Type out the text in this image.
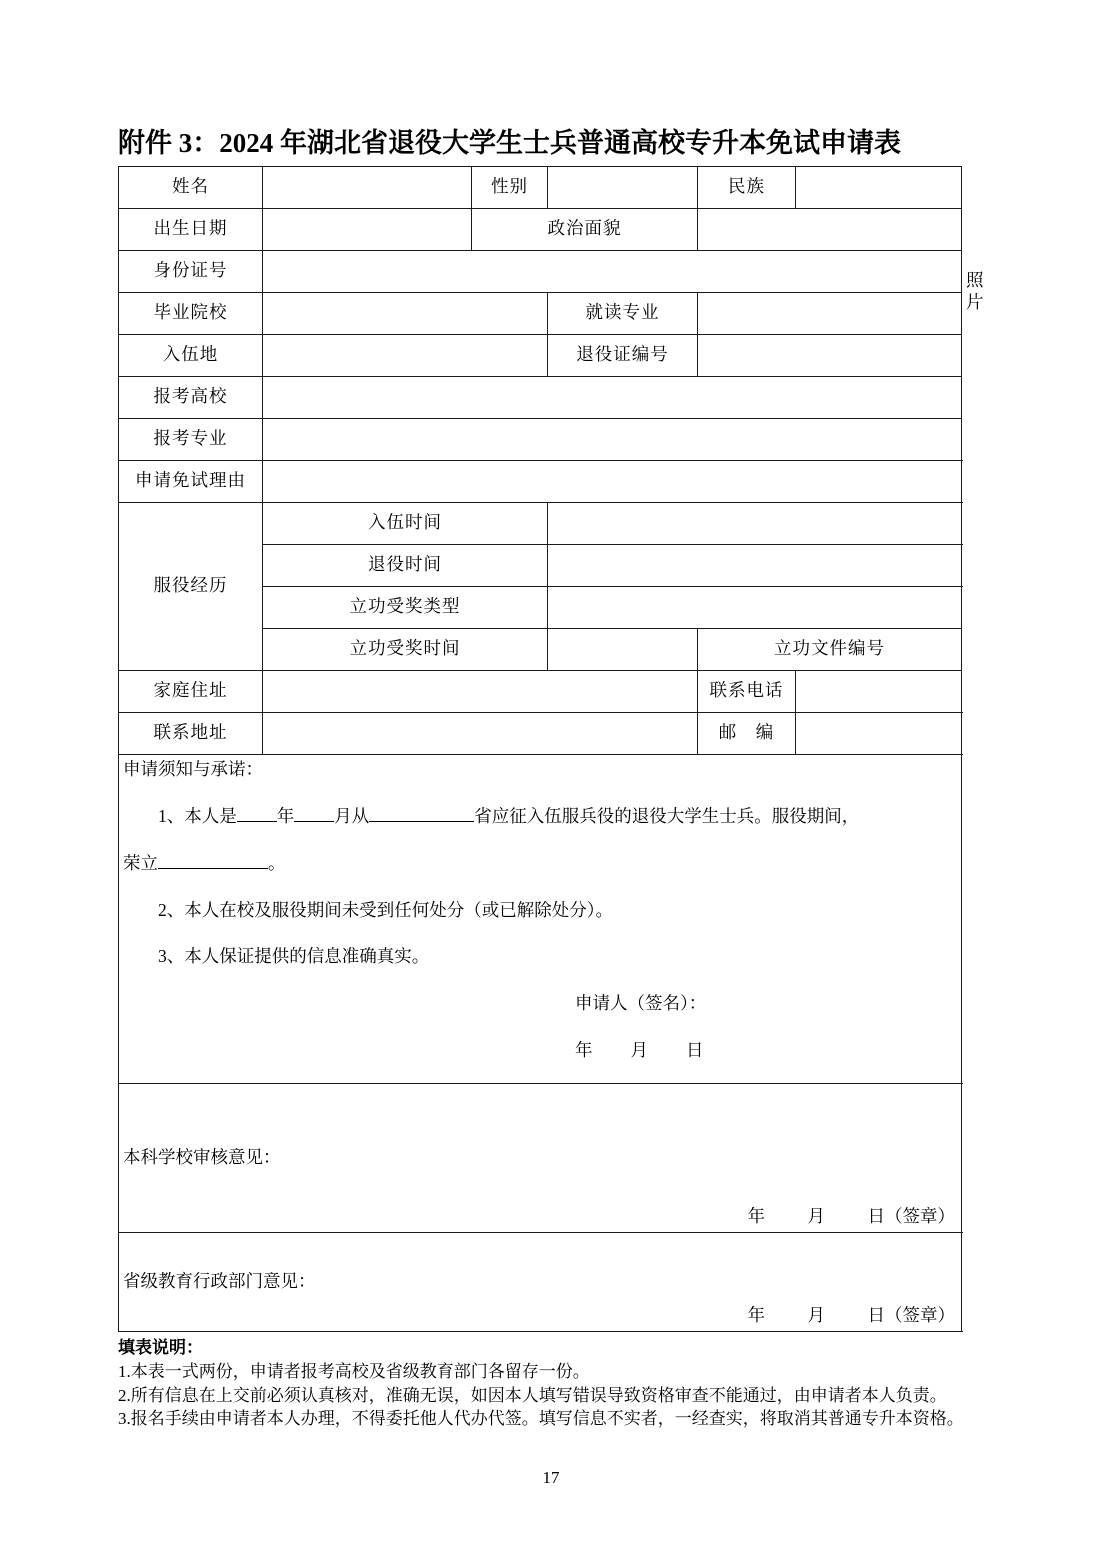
附件 3：2024 年湖北省退役大学生士兵普通高校专升本免试申请表
姓名		性别		民族		照片
出生日期		政治面貌				
身份证号						
毕业院校			就读专业			
入伍地			退役证编号			
报考高校						
报考专业						
申请免试理由						
服役经历	入伍时间					
	退役时间					
	立功受奖类型					
	立功受奖时间			立功文件编号		
家庭住址				联系电话		
联系地址				邮　编		

申请须知与承诺：

1、本人是 年 月从	省应征入伍服兵役的退役大学生士兵。服役期间，

荣立	。

2、本人在校及服役期间未受到任何处分（或已解除处分）。

3、本人保证提供的信息准确真实。

申请人（签名）：

年　　月　　日

本科学校审核意见：
年 月 日（签章）						

省级教育行政部门意见：
年 月 日（签章）						

填表说明：

1.本表一式两份，申请者报考高校及省级教育部门各留存一份。

2.所有信息在上交前必须认真核对，准确无误，如因本人填写错误导致资格审查不能通过，由申请者本人负责。

3.报名手续由申请者本人办理，不得委托他人代办代签。填写信息不实者，一经查实，将取消其普通专升本资格。

17
